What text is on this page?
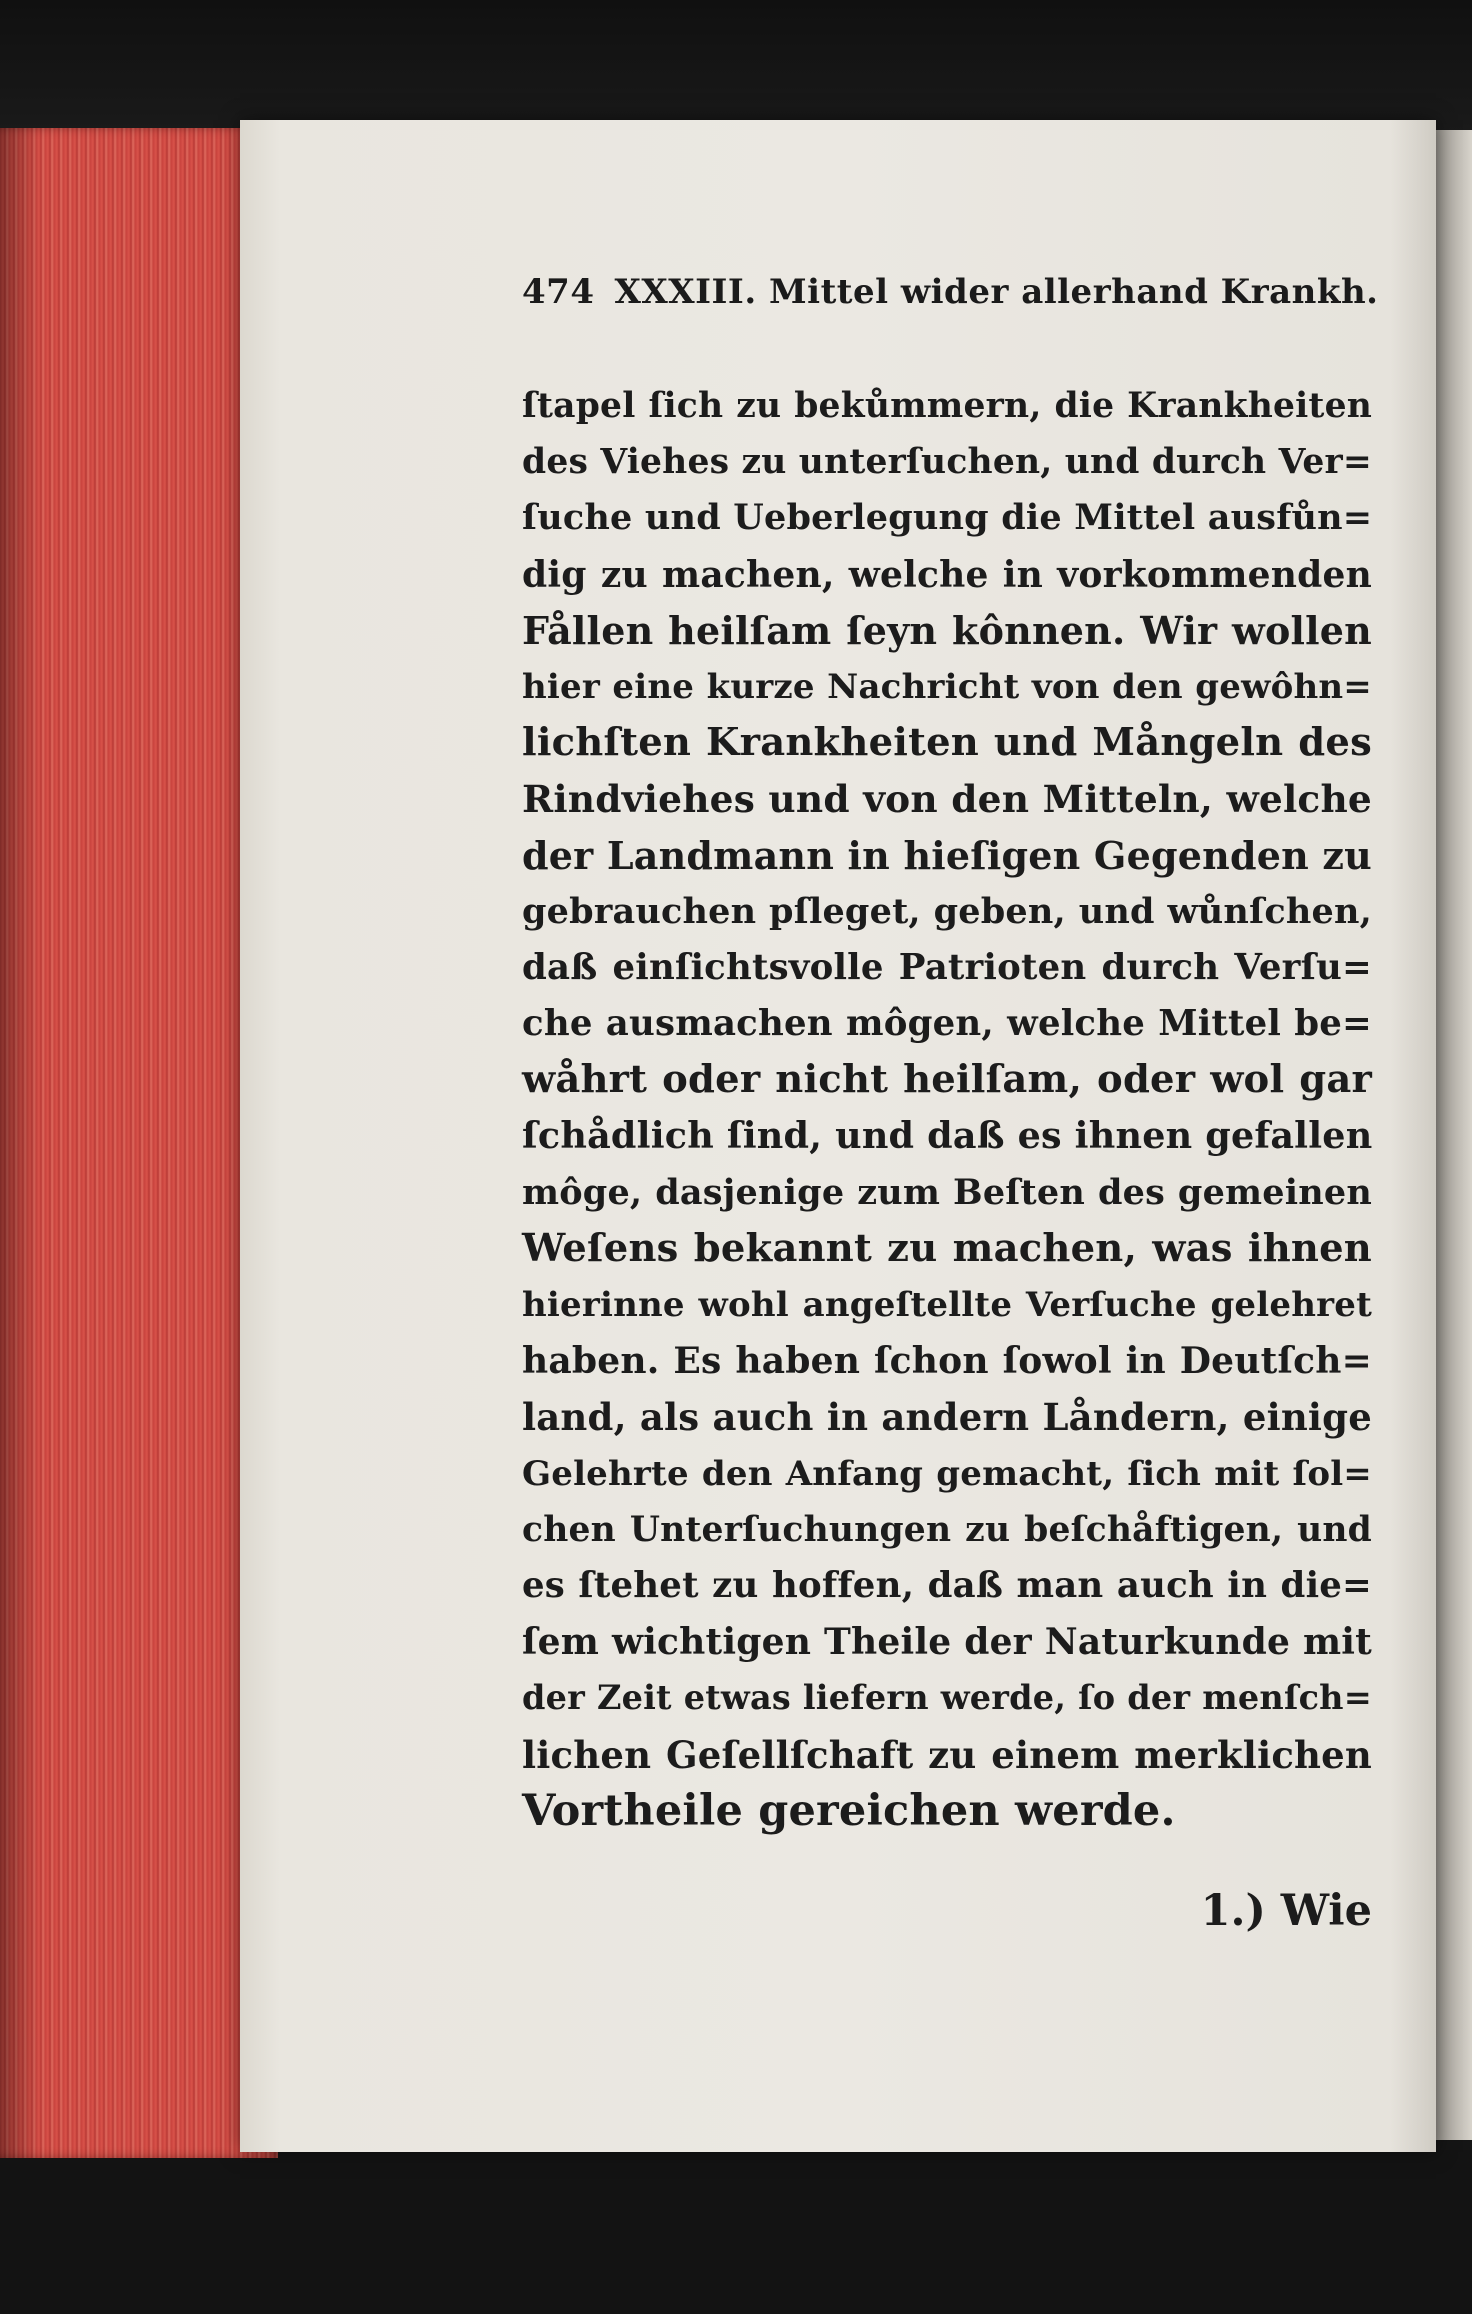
474 XXXIII. Mittel wider allerhand Krankh.
ſtapel ſich zu bekůmmern, die Krankheiten
des Viehes zu unterſuchen, und durch Ver=
ſuche und Ueberlegung die Mittel ausfůn=
dig zu machen, welche in vorkommenden
Fållen heilſam ſeyn kônnen. Wir wollen
hier eine kurze Nachricht von den gewôhn=
lichſten Krankheiten und Mångeln des
Rindviehes und von den Mitteln, welche
der Landmann in hieſigen Gegenden zu
gebrauchen pſleget, geben, und wůnſchen,
daß einſichtsvolle Patrioten durch Verſu=
che ausmachen môgen, welche Mittel be=
wåhrt oder nicht heilſam, oder wol gar
ſchådlich ſind, und daß es ihnen gefallen
môge, dasjenige zum Beſten des gemeinen
Weſens bekannt zu machen, was ihnen
hierinne wohl angeſtellte Verſuche gelehret
haben. Es haben ſchon ſowol in Deutſch=
land, als auch in andern Låndern, einige
Gelehrte den Anfang gemacht, ſich mit ſol=
chen Unterſuchungen zu beſchåftigen, und
es ſtehet zu hoffen, daß man auch in die=
ſem wichtigen Theile der Naturkunde mit
der Zeit etwas liefern werde, ſo der menſch=
lichen Geſellſchaft zu einem merklichen
Vortheile gereichen werde.
1.) Wie
